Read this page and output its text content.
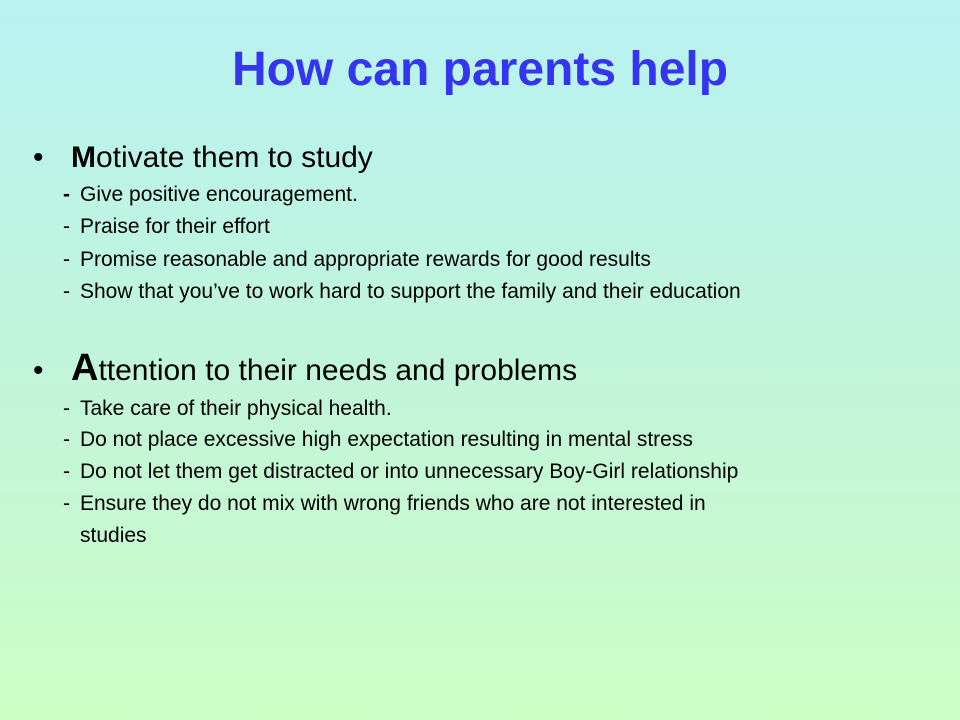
How can parents help
• Motivate them to study
- Give positive encouragement.
- Praise for their effort
- Promise reasonable and appropriate rewards for good results
- Show that you’ve to work hard to support the family and their education
• Attention to their needs and problems
- Take care of their physical health.
- Do not place excessive high expectation resulting in mental stress
- Do not let them get distracted or into unnecessary Boy-Girl relationship
- Ensure they do not mix with wrong friends who are not interested in
studies
